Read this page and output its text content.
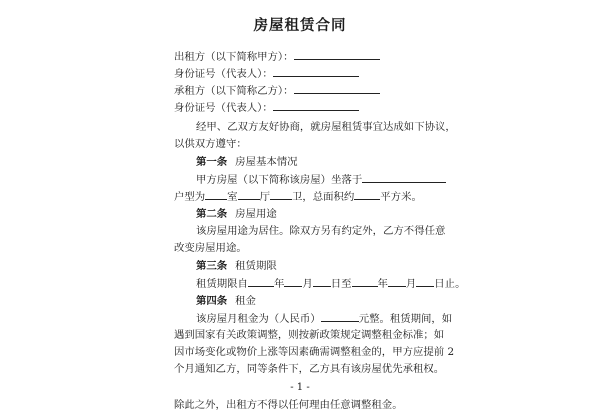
房屋租赁合同
出租方（以下简称甲方）：
身份证号（代表人）：
承租方（以下简称乙方）：
身份证号（代表人）：
经甲、乙双方友好协商，就房屋租赁事宜达成如下协议，
以供双方遵守：
第一条 房屋基本情况
甲方房屋（以下简称该房屋）坐落于
户型为 室 厅 卫，总面积约	平方米。
第二条 房屋用途
该房屋用途为居住。除双方另有约定外，乙方不得任意
改变房屋用途。
第三条 租赁期限
租赁期限自	年 月 日至	年 月 日止。
第四条 租金
该房屋月租金为（人民币）	元整。租赁期间，如
遇到国家有关政策调整，则按新政策规定调整租金标准；如
因市场变化或物价上涨等因素确需调整租金的，甲方应提前 2
个月通知乙方，同等条件下，乙方具有该房屋优先承租权。
- 1 -
除此之外，出租方不得以任何理由任意调整租金。
